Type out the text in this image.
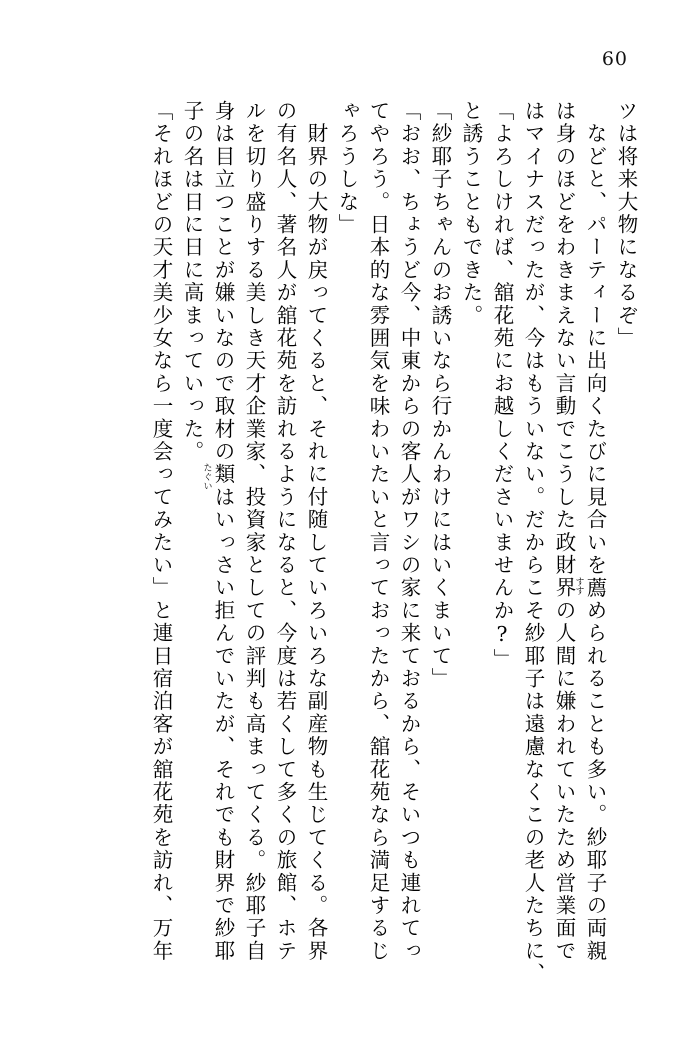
60
ツは将来大物になるぞ」
　などと、パーティーに出向くたびに見合いを薦
すす
められることも多い。紗耶子の両親
は身のほどをわきまえない言動でこうした政財界の人間に嫌われていたため営業面で
はマイナスだったが、今はもういない。だからこそ紗耶子は遠慮なくこの老人たちに、
「よろしければ、舘花苑にお越しくださいませんか?」
と誘うこともできた。
「紗耶子ちゃんのお誘いなら行かんわけにはいくまいて」
「おお、ちょうど今、中東からの客人がワシの家に来ておるから、そいつも連れてっ
てやろう。日本的な雰囲気を味わいたいと言っておったから、舘花苑なら満足するじ
ゃろうしな」
　財界の大物が戻ってくると、それに付随していろいろな副産物も生じてくる。各界
の有名人、著名人が舘花苑を訪れるようになると、今度は若くして多くの旅館、ホテ
ルを切り盛りする美しき天才企業家、投資家としての評判も高まってくる。紗耶子自
身は目立つことが嫌いなので取材の類
たぐい
はいっさい拒んでいたが、それでも財界で紗耶
子の名は日に日に高まっていった。
「それほどの天才美少女なら一度会ってみたい」と連日宿泊客が舘花苑を訪れ、万年
